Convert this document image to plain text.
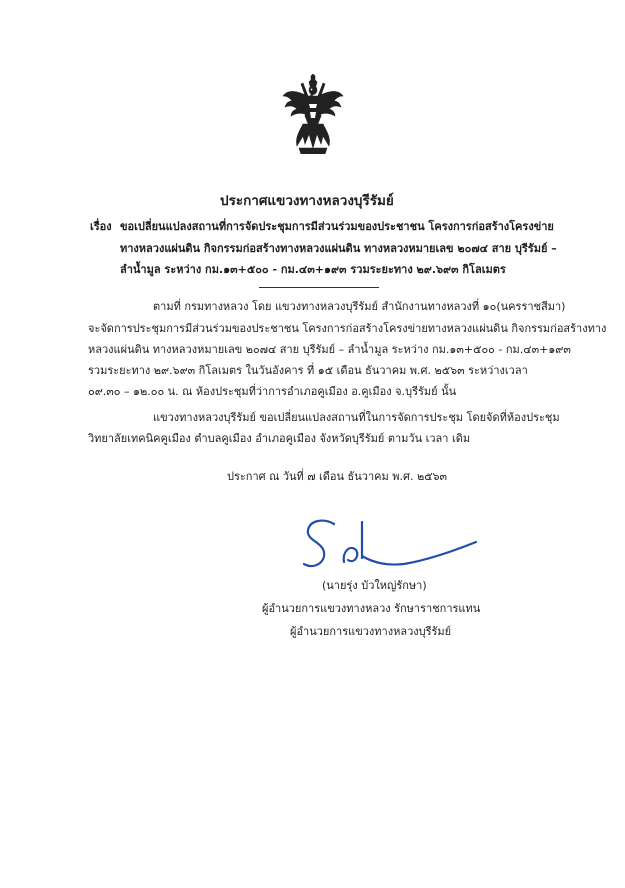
ประกาศแขวงทางหลวงบุรีรัมย์
เรื่อง ขอเปลี่ยนแปลงสถานที่การจัดประชุมการมีส่วนร่วมของประชาชน โครงการก่อสร้างโครงข่าย
ทางหลวงแผ่นดิน กิจกรรมก่อสร้างทางหลวงแผ่นดิน ทางหลวงหมายเลข ๒๐๗๔ สาย บุรีรัมย์ –
ลำน้ำมูล ระหว่าง กม.๑๓+๕๐๐ - กม.๔๓+๑๙๓ รวมระยะทาง ๒๙.๖๙๓ กิโลเมตร
ตามที่ กรมทางหลวง โดย แขวงทางหลวงบุรีรัมย์ สำนักงานทางหลวงที่ ๑๐(นครราชสีมา)
จะจัดการประชุมการมีส่วนร่วมของประชาชน โครงการก่อสร้างโครงข่ายทางหลวงแผ่นดิน กิจกรรมก่อสร้างทาง
หลวงแผ่นดิน ทางหลวงหมายเลข ๒๐๗๔ สาย บุรีรัมย์ – ลำน้ำมูล ระหว่าง กม.๑๓+๕๐๐ - กม.๔๓+๑๙๓
รวมระยะทาง ๒๙.๖๙๓ กิโลเมตร ในวันอังคาร ที่ ๑๕ เดือน ธันวาคม พ.ศ. ๒๕๖๓ ระหว่างเวลา
๐๙.๓๐ – ๑๒.๐๐ น. ณ ห้องประชุมที่ว่าการอำเภอคูเมือง อ.คูเมือง จ.บุรีรัมย์ นั้น
แขวงทางหลวงบุรีรัมย์ ขอเปลี่ยนแปลงสถานที่ในการจัดการประชุม โดยจัดที่ห้องประชุม
วิทยาลัยเทคนิคคูเมือง ตำบลคูเมือง อำเภอคูเมือง จังหวัดบุรีรัมย์ ตามวัน เวลา เดิม
ประกาศ ณ วันที่ ๗ เดือน ธันวาคม พ.ศ. ๒๕๖๓
(นายรุ่ง บัวใหญ่รักษา)
ผู้อำนวยการแขวงทางหลวง รักษาราชการแทน
ผู้อำนวยการแขวงทางหลวงบุรีรัมย์
